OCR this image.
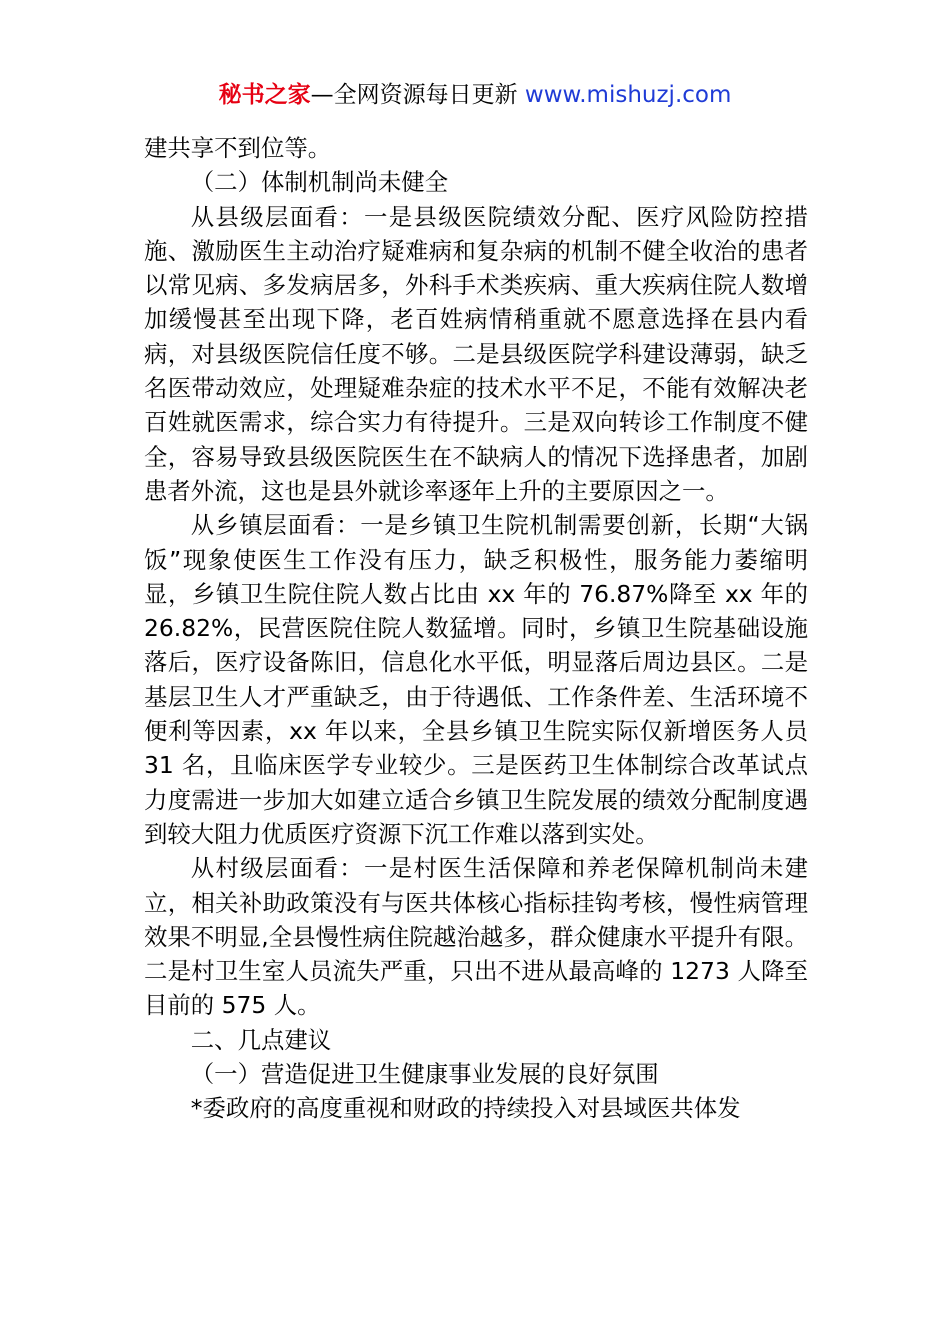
秘书之家—全网资源每日更新 www.mishuzj.com

建共享不到位等。

（二）体制机制尚未健全

从县级层面看：一是县级医院绩效分配、医疗风险防控措施、激励医生主动治疗疑难病和复杂病的机制不健全收治的患者以常见病、多发病居多，外科手术类疾病、重大疾病住院人数增加缓慢甚至出现下降，老百姓病情稍重就不愿意选择在县内看病，对县级医院信任度不够。二是县级医院学科建设薄弱，缺乏名医带动效应，处理疑难杂症的技术水平不足，不能有效解决老百姓就医需求，综合实力有待提升。三是双向转诊工作制度不健全，容易导致县级医院医生在不缺病人的情况下选择患者，加剧患者外流，这也是县外就诊率逐年上升的主要原因之一。

从乡镇层面看：一是乡镇卫生院机制需要创新，长期“大锅饭”现象使医生工作没有压力，缺乏积极性，服务能力萎缩明显，乡镇卫生院住院人数占比由 xx 年的 76.87%降至 xx 年的 26.82%，民营医院住院人数猛增。同时，乡镇卫生院基础设施落后，医疗设备陈旧，信息化水平低，明显落后周边县区。二是基层卫生人才严重缺乏，由于待遇低、工作条件差、生活环境不便利等因素，xx 年以来，全县乡镇卫生院实际仅新增医务人员 31 名，且临床医学专业较少。三是医药卫生体制综合改革试点力度需进一步加大如建立适合乡镇卫生院发展的绩效分配制度遇到较大阻力优质医疗资源下沉工作难以落到实处。

从村级层面看：一是村医生活保障和养老保障机制尚未建立，相关补助政策没有与医共体核心指标挂钩考核，慢性病管理效果不明显,全县慢性病住院越治越多，群众健康水平提升有限。二是村卫生室人员流失严重，只出不进从最高峰的 1273 人降至目前的 575 人。

二、几点建议

（一）营造促进卫生健康事业发展的良好氛围

*委政府的高度重视和财政的持续投入对县域医共体发
